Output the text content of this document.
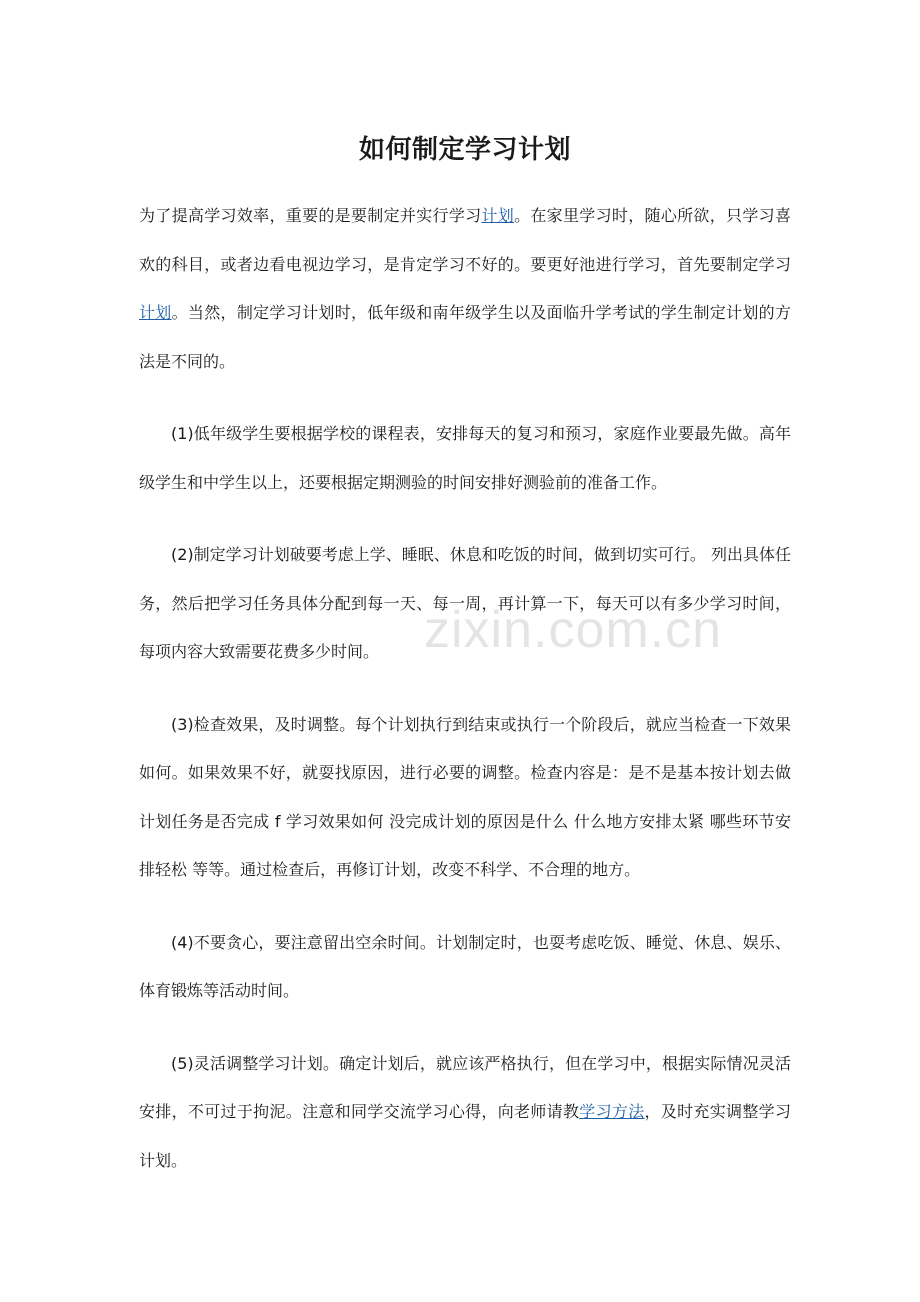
如何制定学习计划

为了提高学习效率，重要的是要制定并实行学习计划。在家里学习时，随心所欲，只学习喜欢的科目，或者边看电视边学习，是肯定学习不好的。要更好池进行学习，首先要制定学习计划。当然，制定学习计划时，低年级和南年级学生以及面临升学考试的学生制定计划的方法是不同的。

(1)低年级学生要根据学校的课程表，安排每天的复习和预习，家庭作业要最先做。高年级学生和中学生以上，还要根据定期测验的时间安排好测验前的准备工作。

(2)制定学习计划破要考虑上学、睡眠、休息和吃饭的时间，做到切实可行。 列出具体任务，然后把学习任务具体分配到每一天、每一周，再计算一下，每天可以有多少学习时间，每项内容大致需要花费多少时间。

(3)检查效果，及时调整。每个计划执行到结束或执行一个阶段后，就应当检查一下效果如何。如果效果不好，就耍找原因，进行必要的调整。检查内容是：是不是基本按计划去做 计划任务是否完成 f 学习效果如何 没完成计划的原因是什么 什么地方安排太紧 哪些环节安排轻松 等等。通过检查后，再修订计划，改变不科学、不合理的地方。

(4)不要贪心，要注意留出空余时间。计划制定时，也耍考虑吃饭、睡觉、休息、娱乐、体育锻炼等活动时间。

(5)灵活调整学习计划。确定计划后，就应该严格执行，但在学习中，根据实际情况灵活安排，不可过于拘泥。注意和同学交流学习心得，向老师请教学习方法，及时充实调整学习计划。

zixin.com.cn
